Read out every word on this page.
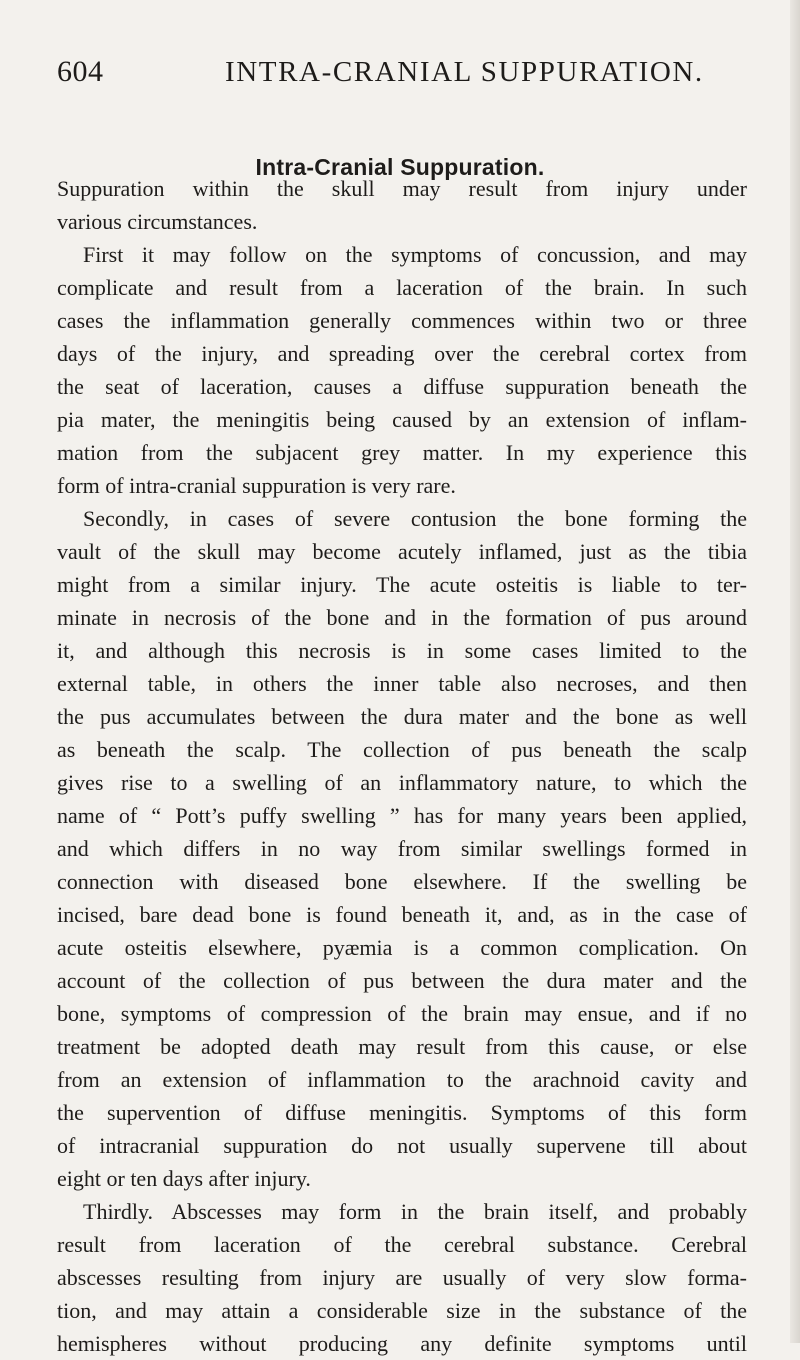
604	INTRA-CRANIAL SUPPURATION.
Intra-Cranial Suppuration.
Suppuration within the skull may result from injury under
various circumstances.
First it may follow on the symptoms of concussion, and may
complicate and result from a laceration of the brain. In such
cases the inflammation generally commences within two or three
days of the injury, and spreading over the cerebral cortex from
the seat of laceration, causes a diffuse suppuration beneath the
pia mater, the meningitis being caused by an extension of inflam-
mation from the subjacent grey matter. In my experience this
form of intra-cranial suppuration is very rare.
Secondly, in cases of severe contusion the bone forming the
vault of the skull may become acutely inflamed, just as the tibia
might from a similar injury. The acute osteitis is liable to ter-
minate in necrosis of the bone and in the formation of pus around
it, and although this necrosis is in some cases limited to the
external table, in others the inner table also necroses, and then
the pus accumulates between the dura mater and the bone as well
as beneath the scalp. The collection of pus beneath the scalp
gives rise to a swelling of an inflammatory nature, to which the
name of “ Pott’s puffy swelling ” has for many years been applied,
and which differs in no way from similar swellings formed in
connection with diseased bone elsewhere. If the swelling be
incised, bare dead bone is found beneath it, and, as in the case of
acute osteitis elsewhere, pyæmia is a common complication. On
account of the collection of pus between the dura mater and the
bone, symptoms of compression of the brain may ensue, and if no
treatment be adopted death may result from this cause, or else
from an extension of inflammation to the arachnoid cavity and
the supervention of diffuse meningitis. Symptoms of this form
of intracranial suppuration do not usually supervene till about
eight or ten days after injury.
Thirdly. Abscesses may form in the brain itself, and probably
result from laceration of the cerebral substance. Cerebral
abscesses resulting from injury are usually of very slow forma-
tion, and may attain a considerable size in the substance of the
hemispheres without producing any definite symptoms until
